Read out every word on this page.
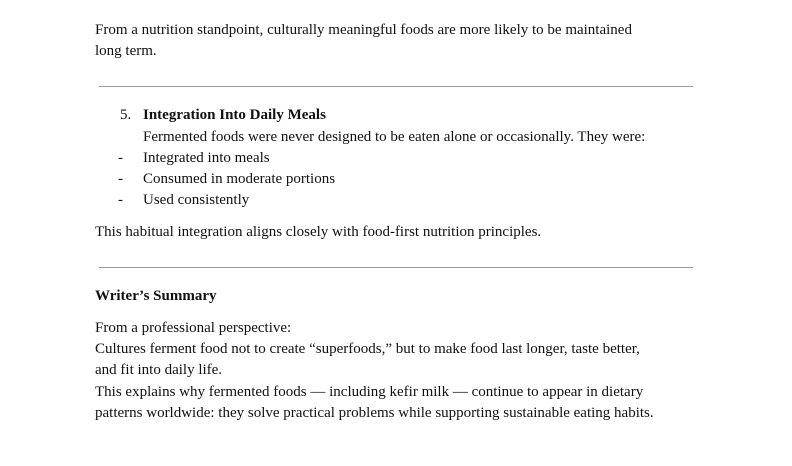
From a nutrition standpoint, culturally meaningful foods are more likely to be maintained
long term.
5. Integration Into Daily Meals
Fermented foods were never designed to be eaten alone or occasionally. They were:
- Integrated into meals
- Consumed in moderate portions
- Used consistently
This habitual integration aligns closely with food-first nutrition principles.
Writer’s Summary
From a professional perspective:
Cultures ferment food not to create “superfoods,” but to make food last longer, taste better,
and fit into daily life.
This explains why fermented foods — including kefir milk — continue to appear in dietary
patterns worldwide: they solve practical problems while supporting sustainable eating habits.
